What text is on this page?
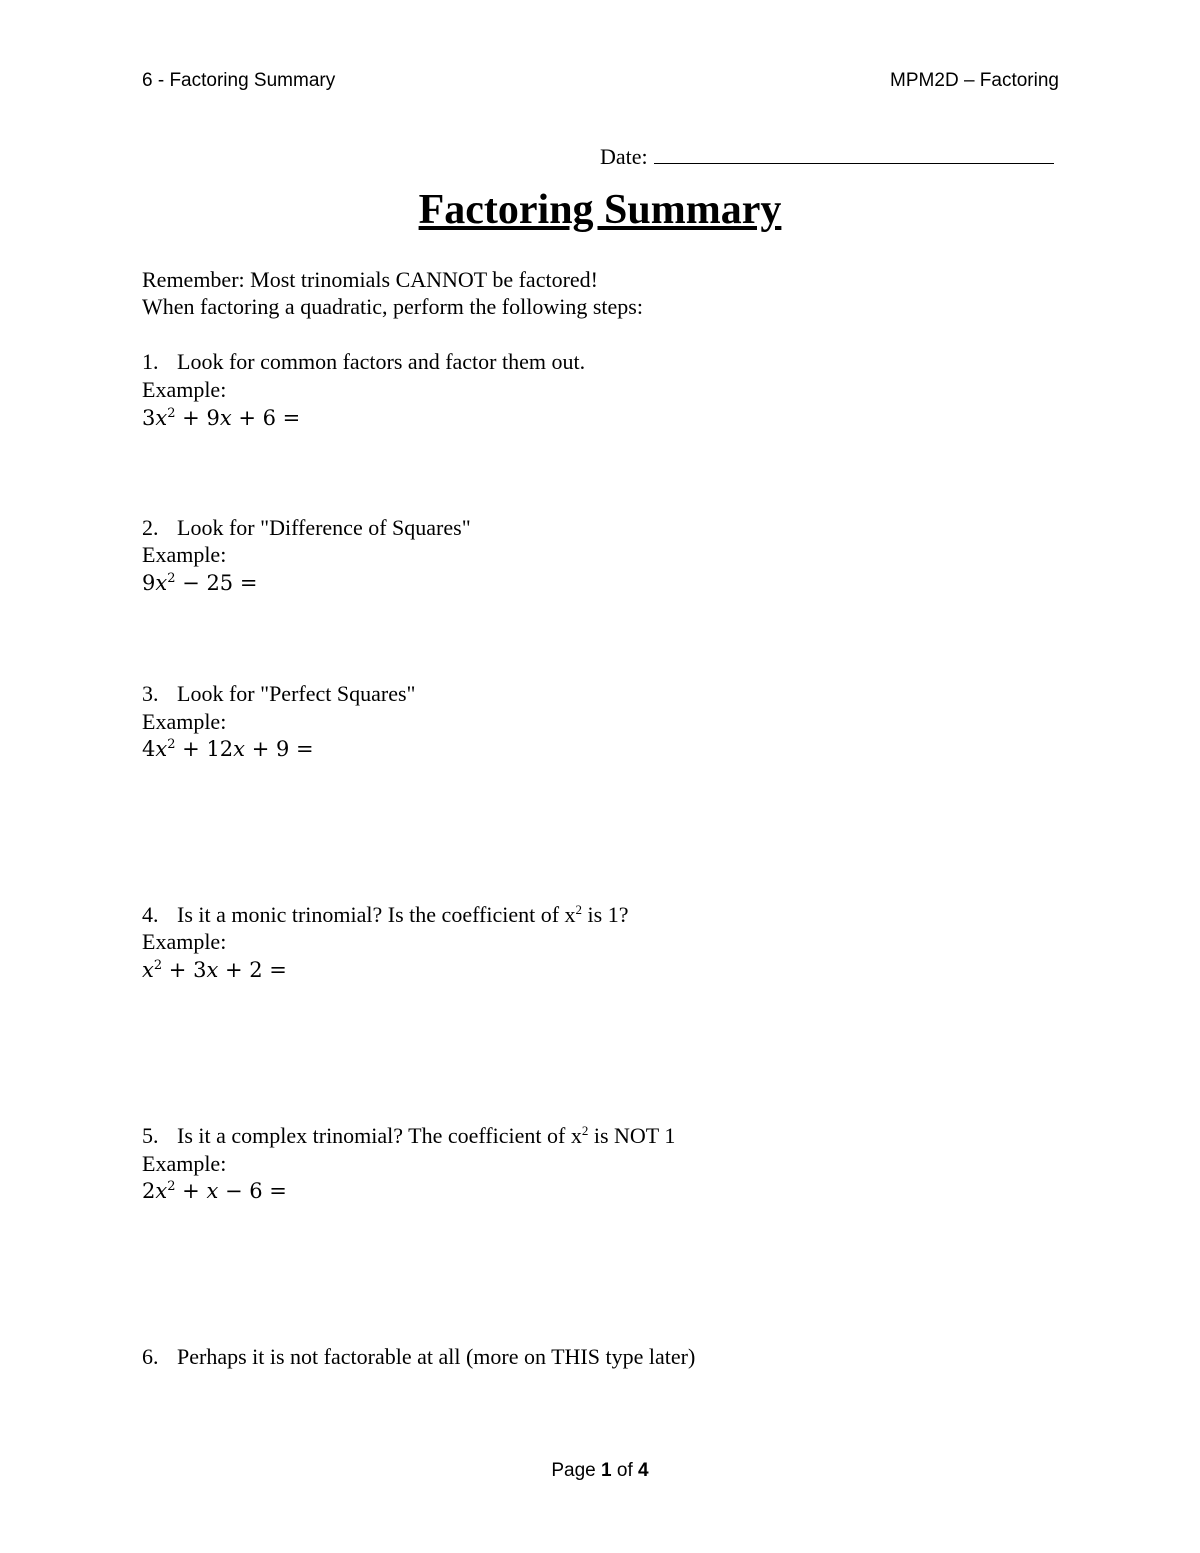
6 - Factoring Summary	MPM2D – Factoring
Date:
Factoring Summary
Remember: Most trinomials CANNOT be factored!
When factoring a quadratic, perform the following steps:
1. Look for common factors and factor them out.
Example:
$3x^2 + 9x + 6$ =
2. Look for "Difference of Squares"
Example:
$9x^2 - 25$ =
3. Look for "Perfect Squares"
Example:
$4x^2 + 12x + 9$ =
4. Is it a monic trinomial? Is the coefficient of $x^2$ is 1?
Example:
$x^2 + 3x + 2$ =
5. Is it a complex trinomial? The coefficient of $x^2$ is NOT 1
Example:
$2x^2 + x - 6$ =
6. Perhaps it is not factorable at all (more on THIS type later)
Page 1 of 4
